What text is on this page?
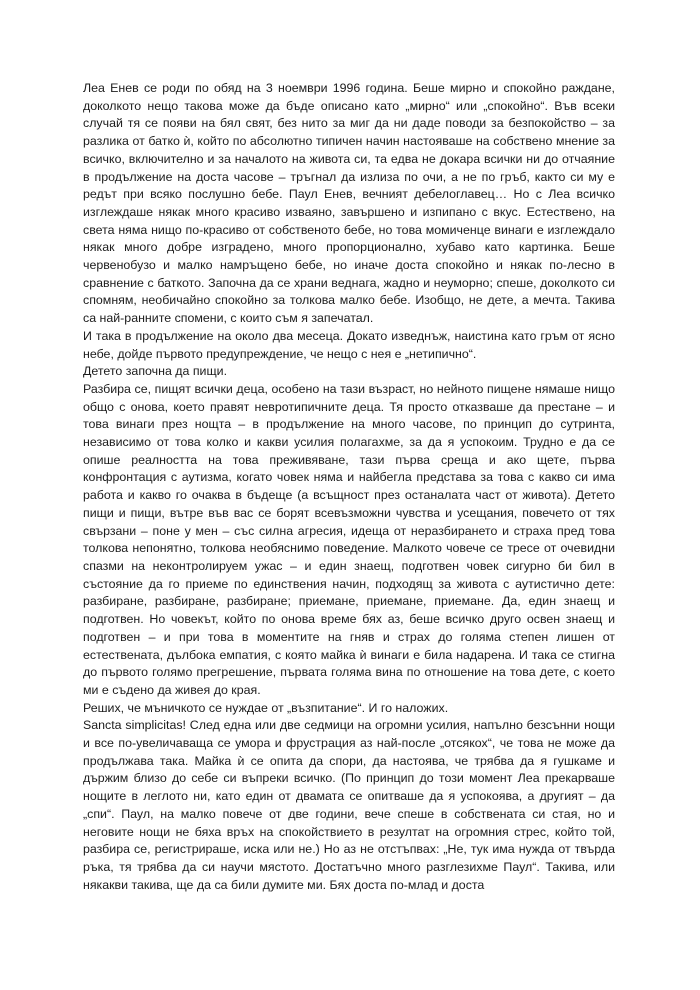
Леа Енев се роди по обяд на 3 ноември 1996 година. Беше мирно и спокойно раждане, доколкото нещо такова може да бъде описано като „мирно“ или „спокойно“. Във всеки случай тя се появи на бял свят, без нито за миг да ни даде поводи за безпокойство – за разлика от батко ѝ, който по абсолютно типичен начин настояваше на собствено мнение за всичко, включително и за началото на живота си, та едва не докара всички ни до отчаяние в продължение на доста часове – тръгнал да излиза по очи, а не по гръб, както си му е редът при всяко послушно бебе. Паул Енев, вечният дебелоглавец… Но с Леа всичко изглеждаше някак много красиво изваяно, завършено и изпипано с вкус. Естествено, на света няма нищо по-красиво от собственото бебе, но това момиченце винаги е изглеждало някак много добре изградено, много пропорционално, хубаво като картинка. Беше червенобузо и малко намръщено бебе, но иначе доста спокойно и някак по-лесно в сравнение с баткото. Започна да се храни веднага, жадно и неуморно; спеше, доколкото си спомням, необичайно спокойно за толкова малко бебе. Изобщо, не дете, а мечта. Такива са най-ранните спомени, с които съм я запечатал.

И така в продължение на около два месеца. Докато изведнъж, наистина като гръм от ясно небе, дойде първото предупреждение, че нещо с нея е „нетипично“.

Детето започна да пищи.

Разбира се, пищят всички деца, особено на тази възраст, но нейното пищене нямаше нищо общо с онова, което правят невротипичните деца. Тя просто отказваше да престане – и това винаги през нощта – в продължение на много часове, по принцип до сутринта, независимо от това колко и какви усилия полагахме, за да я успокоим. Трудно е да се опише реалността на това преживяване, тази първа среща и ако щете, първа конфронтация с аутизма, когато човек няма и найбегла представа за това с какво си има работа и какво го очаква в бъдеще (а всъщност през останалата част от живота). Детето пищи и пищи, вътре във вас се борят всевъзможни чувства и усещания, повечето от тях свързани – поне у мен – със силна агресия, идеща от неразбирането и страха пред това толкова непонятно, толкова необяснимо поведение. Малкото човече се тресе от очевидни спазми на неконтролируем ужас – и един знаещ, подготвен човек сигурно би бил в състояние да го приеме по единствения начин, подходящ за живота с аутистично дете: разбиране, разбиране, разбиране; приемане, приемане, приемане. Да, един знаещ и подготвен. Но човекът, който по онова време бях аз, беше всичко друго освен знаещ и подготвен – и при това в моментите на гняв и страх до голяма степен лишен от естествената, дълбока емпатия, с която майка ѝ винаги е била надарена. И така се стигна до първото голямо прегрешение, първата голяма вина по отношение на това дете, с което ми е съдено да живея до края.

Реших, че мъничкото се нуждае от „възпитание“. И го наложих.

Sancta simplicitas! След една или две седмици на огромни усилия, напълно безсънни нощи и все по-увеличаваща се умора и фрустрация аз най-после „отсякох“, че това не може да продължава така. Майка ѝ се опита да спори, да настоява, че трябва да я гушкаме и държим близо до себе си въпреки всичко. (По принцип до този момент Леа прекарваше нощите в леглото ни, като един от двамата се опитваше да я успокоява, а другият – да „спи“. Паул, на малко повече от две години, вече спеше в собствената си стая, но и неговите нощи не бяха връх на спокойствието в резултат на огромния стрес, който той, разбира се, регистрираше, иска или не.) Но аз не отстъпвах: „Не, тук има нужда от твърда ръка, тя трябва да си научи мястото. Достатъчно много разглезихме Паул“. Такива, или някакви такива, ще да са били думите ми. Бях доста по-млад и доста
